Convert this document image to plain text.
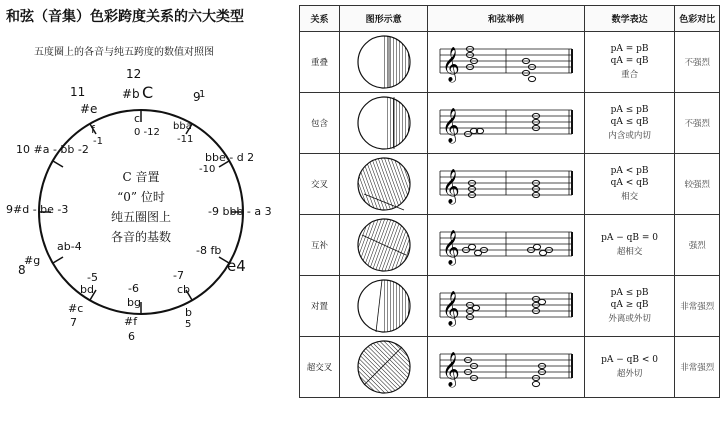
和弦（音集）色彩跨度关系的六大类型
五度圈上的各音与纯五跨度的数值对照图
12
#b C
c
0 -12
9
1
bba
-11
bbe - d 2
-10
-9 bbb - a 3
-8 fb
e4
-7
cb
b
5
-6
bg
#f
6
-5
bd
#c
7
ab-4
#g
8
9#d - be -3
10 #a - bb -2
11
#e
f
-1
C 音置
“0” 位时
纯五圈图上
各音的基数
关系	图形示意	和弦举例	数学表达	色彩对比
重叠		𝄞	pA = pB
qA = qB
重合	不强烈
包含		𝄞	pA ≤ pB
qA ≤ qB
内含或内切	不强烈
交叉		𝄞	pA < pB
qA < qB
相交	较强烈
互补		𝄞	pA − qB = 0
超相交	强烈
对置		𝄞	pA ≤ pB
qA ≥ qB
外离或外切	非常强烈
超交叉		𝄞	pA − qB < 0
超外切	非常强烈
